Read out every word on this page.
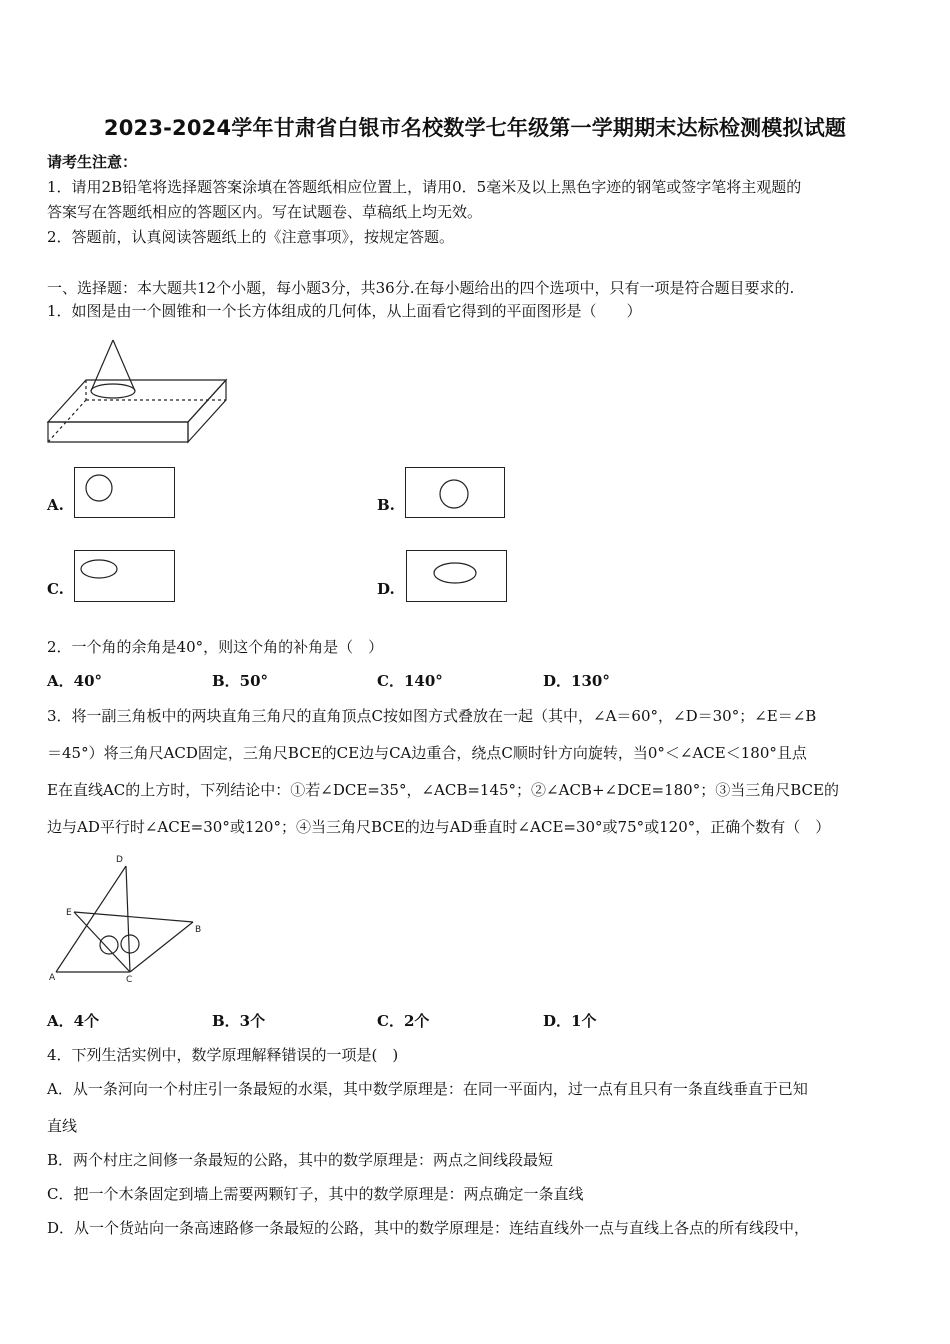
2023-2024学年甘肃省白银市名校数学七年级第一学期期末达标检测模拟试题
请考生注意：
1．请用2B铅笔将选择题答案涂填在答题纸相应位置上，请用0．5毫米及以上黑色字迹的钢笔或签字笔将主观题的
答案写在答题纸相应的答题区内。写在试题卷、草稿纸上均无效。
2．答题前，认真阅读答题纸上的《注意事项》，按规定答题。
一、选择题：本大题共12个小题，每小题3分，共36分.在每小题给出的四个选项中，只有一项是符合题目要求的.
1．如图是由一个圆锥和一个长方体组成的几何体，从上面看它得到的平面图形是（　　）
A.	B.
C.	D.
2．一个角的余角是40°，则这个角的补角是（　）
A．40°	B．50°	C．140°	D．130°
3．将一副三角板中的两块直角三角尺的直角顶点C按如图方式叠放在一起（其中，∠A＝60°，∠D＝30°；∠E＝∠B
＝45°）将三角尺ACD固定，三角尺BCE的CE边与CA边重合，绕点C顺时针方向旋转，当0°＜∠ACE＜180°且点
E在直线AC的上方时，下列结论中：①若∠DCE=35°，∠ACB=145°；②∠ACB+∠DCE=180°；③当三角尺BCE的
边与AD平行时∠ACE=30°或120°；④当三角尺BCE的边与AD垂直时∠ACE=30°或75°或120°，正确个数有（　）
D
E
B
A	C
A．4个	B．3个	C．2个	D．1个
4．下列生活实例中，数学原理解释错误的一项是(　)
A．从一条河向一个村庄引一条最短的水渠，其中数学原理是：在同一平面内，过一点有且只有一条直线垂直于已知
直线
B．两个村庄之间修一条最短的公路，其中的数学原理是：两点之间线段最短
C．把一个木条固定到墙上需要两颗钉子，其中的数学原理是：两点确定一条直线
D．从一个货站向一条高速路修一条最短的公路，其中的数学原理是：连结直线外一点与直线上各点的所有线段中，
